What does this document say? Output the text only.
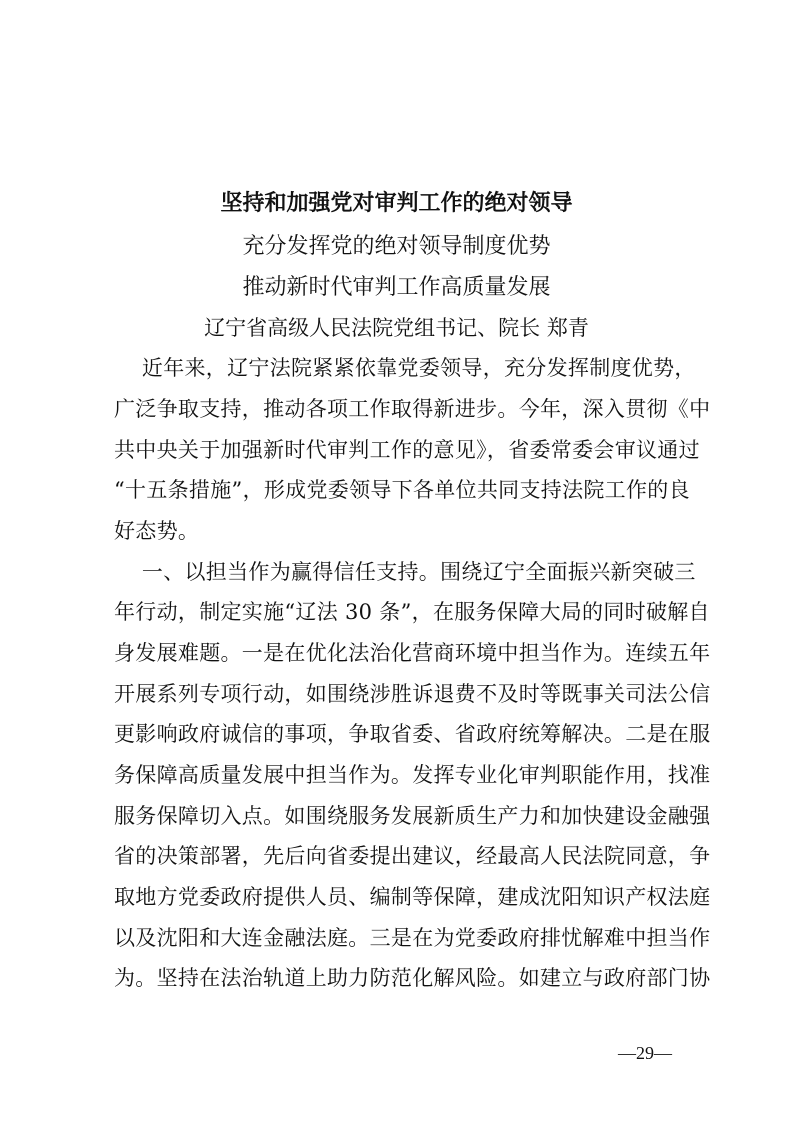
坚持和加强党对审判工作的绝对领导
充分发挥党的绝对领导制度优势
推动新时代审判工作高质量发展
辽宁省高级人民法院党组书记、院长 郑青
近年来，辽宁法院紧紧依靠党委领导，充分发挥制度优势，
广泛争取支持，推动各项工作取得新进步。今年，深入贯彻《中
共中央关于加强新时代审判工作的意见》，省委常委会审议通过
“十五条措施”，形成党委领导下各单位共同支持法院工作的良
好态势。
一、以担当作为赢得信任支持。围绕辽宁全面振兴新突破三
年行动，制定实施“辽法 30 条”，在服务保障大局的同时破解自
身发展难题。一是在优化法治化营商环境中担当作为。连续五年
开展系列专项行动，如围绕涉胜诉退费不及时等既事关司法公信
更影响政府诚信的事项，争取省委、省政府统筹解决。二是在服
务保障高质量发展中担当作为。发挥专业化审判职能作用，找准
服务保障切入点。如围绕服务发展新质生产力和加快建设金融强
省的决策部署，先后向省委提出建议，经最高人民法院同意，争
取地方党委政府提供人员、编制等保障，建成沈阳知识产权法庭
以及沈阳和大连金融法庭。三是在为党委政府排忧解难中担当作
为。坚持在法治轨道上助力防范化解风险。如建立与政府部门协
—29—
